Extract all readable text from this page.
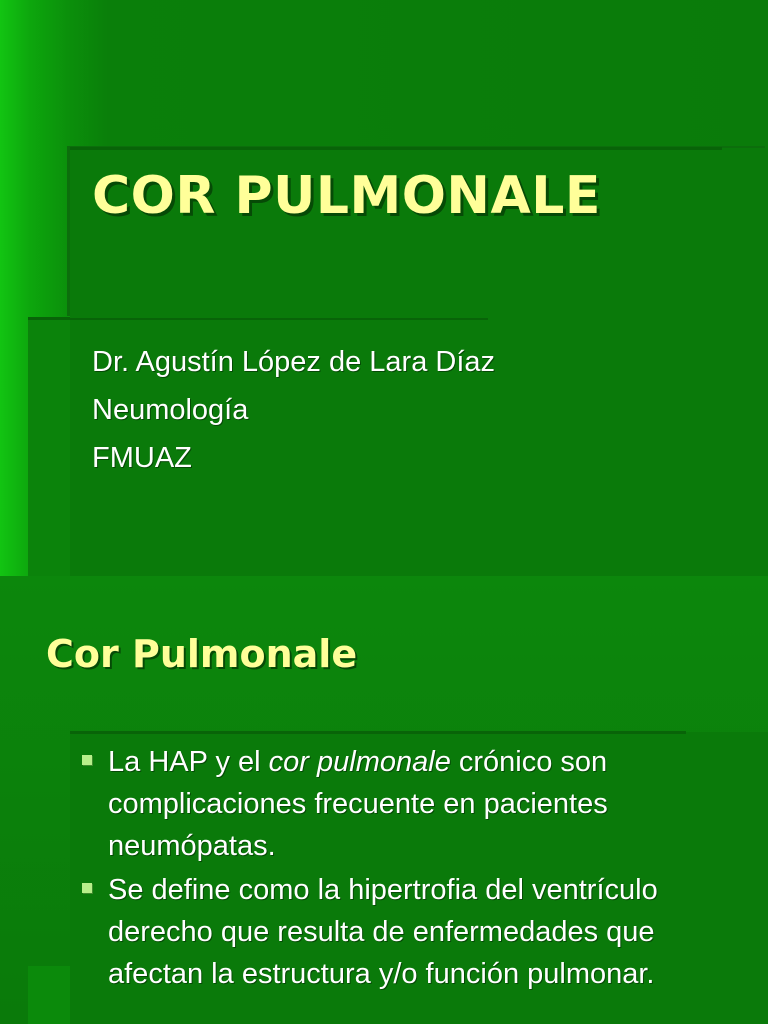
COR PULMONALE
Dr. Agustín López de Lara Díaz
Neumología
FMUAZ
Cor Pulmonale
La HAP y el cor pulmonale crónico son complicaciones frecuente en pacientes neumópatas.
Se define como la hipertrofia del ventrículo derecho que resulta de enfermedades que afectan la estructura y/o función pulmonar.
